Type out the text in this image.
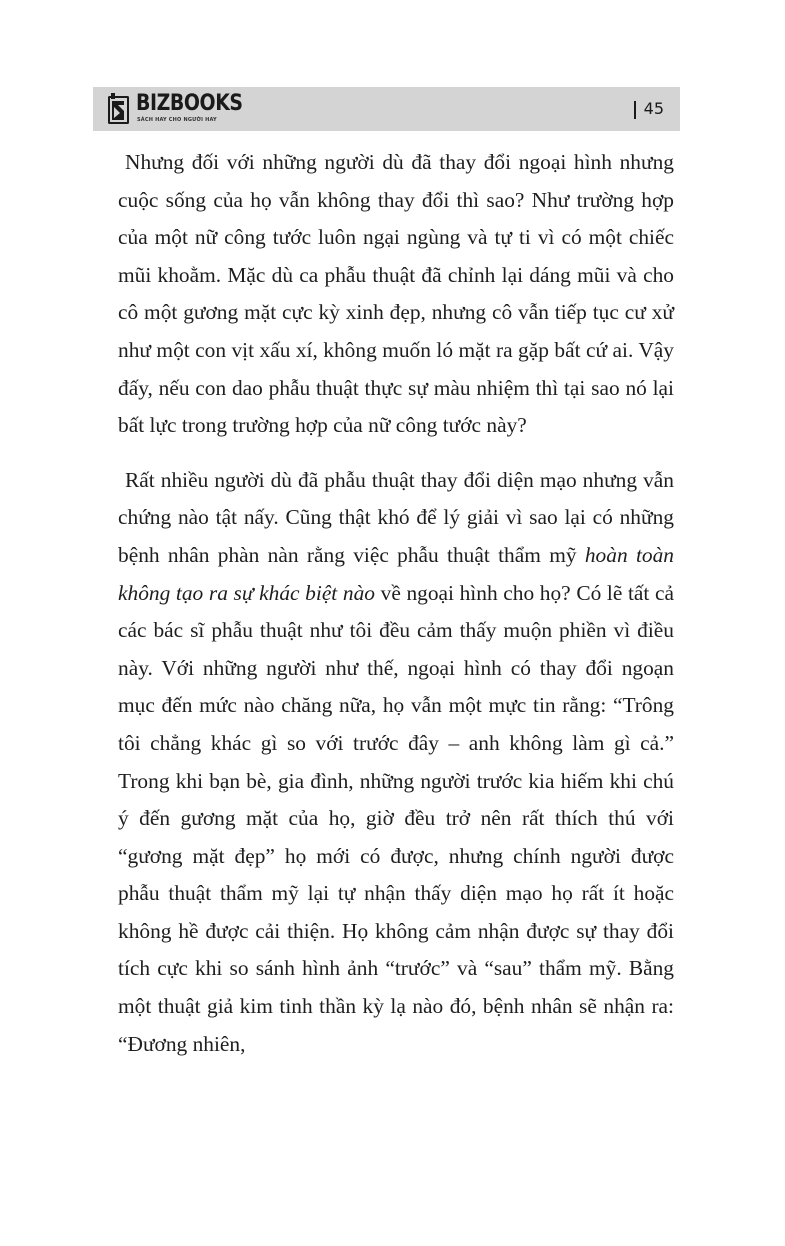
BIZBOOKS
SÁCH HAY CHO NGƯỜI HAY
45

Nhưng đối với những người dù đã thay đổi ngoại hình nhưng cuộc sống của họ vẫn không thay đổi thì sao? Như trường hợp của một nữ công tước luôn ngại ngùng và tự ti vì có một chiếc mũi khoằm. Mặc dù ca phẫu thuật đã chỉnh lại dáng mũi và cho cô một gương mặt cực kỳ xinh đẹp, nhưng cô vẫn tiếp tục cư xử như một con vịt xấu xí, không muốn ló mặt ra gặp bất cứ ai. Vậy đấy, nếu con dao phẫu thuật thực sự màu nhiệm thì tại sao nó lại bất lực trong trường hợp của nữ công tước này?

Rất nhiều người dù đã phẫu thuật thay đổi diện mạo nhưng vẫn chứng nào tật nấy. Cũng thật khó để lý giải vì sao lại có những bệnh nhân phàn nàn rằng việc phẫu thuật thẩm mỹ hoàn toàn không tạo ra sự khác biệt nào về ngoại hình cho họ? Có lẽ tất cả các bác sĩ phẫu thuật như tôi đều cảm thấy muộn phiền vì điều này. Với những người như thế, ngoại hình có thay đổi ngoạn mục đến mức nào chăng nữa, họ vẫn một mực tin rằng: “Trông tôi chẳng khác gì so với trước đây – anh không làm gì cả.” Trong khi bạn bè, gia đình, những người trước kia hiếm khi chú ý đến gương mặt của họ, giờ đều trở nên rất thích thú với “gương mặt đẹp” họ mới có được, nhưng chính người được phẫu thuật thẩm mỹ lại tự nhận thấy diện mạo họ rất ít hoặc không hề được cải thiện. Họ không cảm nhận được sự thay đổi tích cực khi so sánh hình ảnh “trước” và “sau” thẩm mỹ. Bằng một thuật giả kim tinh thần kỳ lạ nào đó, bệnh nhân sẽ nhận ra: “Đương nhiên,
